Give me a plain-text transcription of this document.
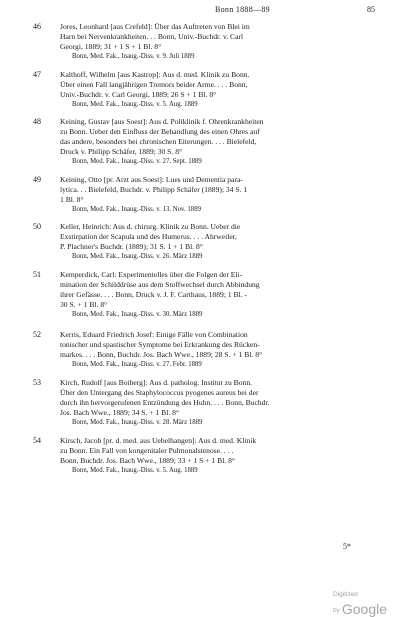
Bonn 1888—89	85
46	Jores, Leonhard [aus Crefeld]: Über das Auftreten von Blei im
Harn bei Nervenkrankheiten. . . Bonn, Univ.-Buchdr. v. Carl
Georgi, 1889; 31 + 1 S + 1 Bl. 8°
Bonn, Med. Fak., Inaug.-Diss. v. 9. Juli 1889
47	Kalthoff, Wilhelm [aus Kastrop]: Aus d. med. Klinik zu Bonn.
Über einen Fall langjährigen Tremors beider Arme. . . . Bonn,
Univ.-Buchdr. v. Carl Georgi, 1889; 26 S + 1 Bl. 8°
Bonn, Med. Fak., Inaug.-Diss. v. 5. Aug. 1889
48	Keining, Gustav [aus Soest]: Aus d. Poliklinik f. Ohrenkrankheiten
zu Bonn. Ueber den Einfluss der Behandlung des einen Ohres auf
das andere, besonders bei chronischen Eiterungen. . . . Bielefeld,
Druck v. Philipp Schäfer, 1889; 30 S. 8°
Bonn, Med. Fak., Inaug.-Diss. v. 27. Sept. 1889
49	Keining, Otto [pr. Arzt aus Soest]: Lues und Dementia para-
lytica. . . Bielefeld, Buchdr. v. Philipp Schäfer (1889); 34 S. 1
1 Bl. 8°
Bonn, Med. Fak., Inaug.-Diss. v. 13. Nov. 1889
50	Keller, Heinrich: Aus d. chirurg. Klinik zu Bonn. Ueber die
Exstirpation der Scapula und des Humerus. . . . Ahrweiler,
P. Plachner's Buchdr. (1889); 31 S. 1 + 1 Bl. 8°
Bonn, Med. Fak., Inaug.-Diss. v. 26. März 1889
51	Kemperdick, Carl: Experimentelles über die Folgen der Eli-
mination der Schilddrüse aus dem Stoffwechsel durch Abbindung
ihrer Gefässe. . . . Bonn, Druck v. J. F. Carthaus, 1889; 1 Bl. -
30 S. + 1 Bl. 8°
Bonn, Med. Fak., Inaug.-Diss. v. 30. März 1889
52	Kerris, Eduard Friedrich Josef: Einige Fälle von Combination
tonischer und spastischer Symptome bei Erkrankung des Rücken-
markes. . . . Bonn, Buchdr. Jos. Bach Wwe., 1889; 28 S. + 1 Bl. 8°
Bonn, Med. Fak., Inaug.-Diss. v. 27. Febr. 1889
53	Kirch, Rudolf [aus Boiberg]: Aus d. patholog. Institut zu Bonn.
Über den Untergang des Staphylococcus pyogenes aureus bei der
durch ihn hervorgerufenen Entzündung des Huhn. . . . Bonn, Buchdr.
Jos. Bach Wwe., 1889; 34 S. + 1 Bl. 8°
Bonn, Med. Fak., Inaug.-Diss. v. 28. März 1889
54	Kirsch, Jacob [pr. d. med. aus Uebelhangen]: Aus d. med. Klinik
zu Bonn. Ein Fall von kongenitaler Pulmonalstenose. . . .
Bonn, Buchdr. Jos. Bach Wwe., 1889; 33 + 1 S + 1 Bl. 8°
Bonn, Med. Fak., Inaug.-Diss. v. 5. Aug. 1889
5*
Digitized by Google
